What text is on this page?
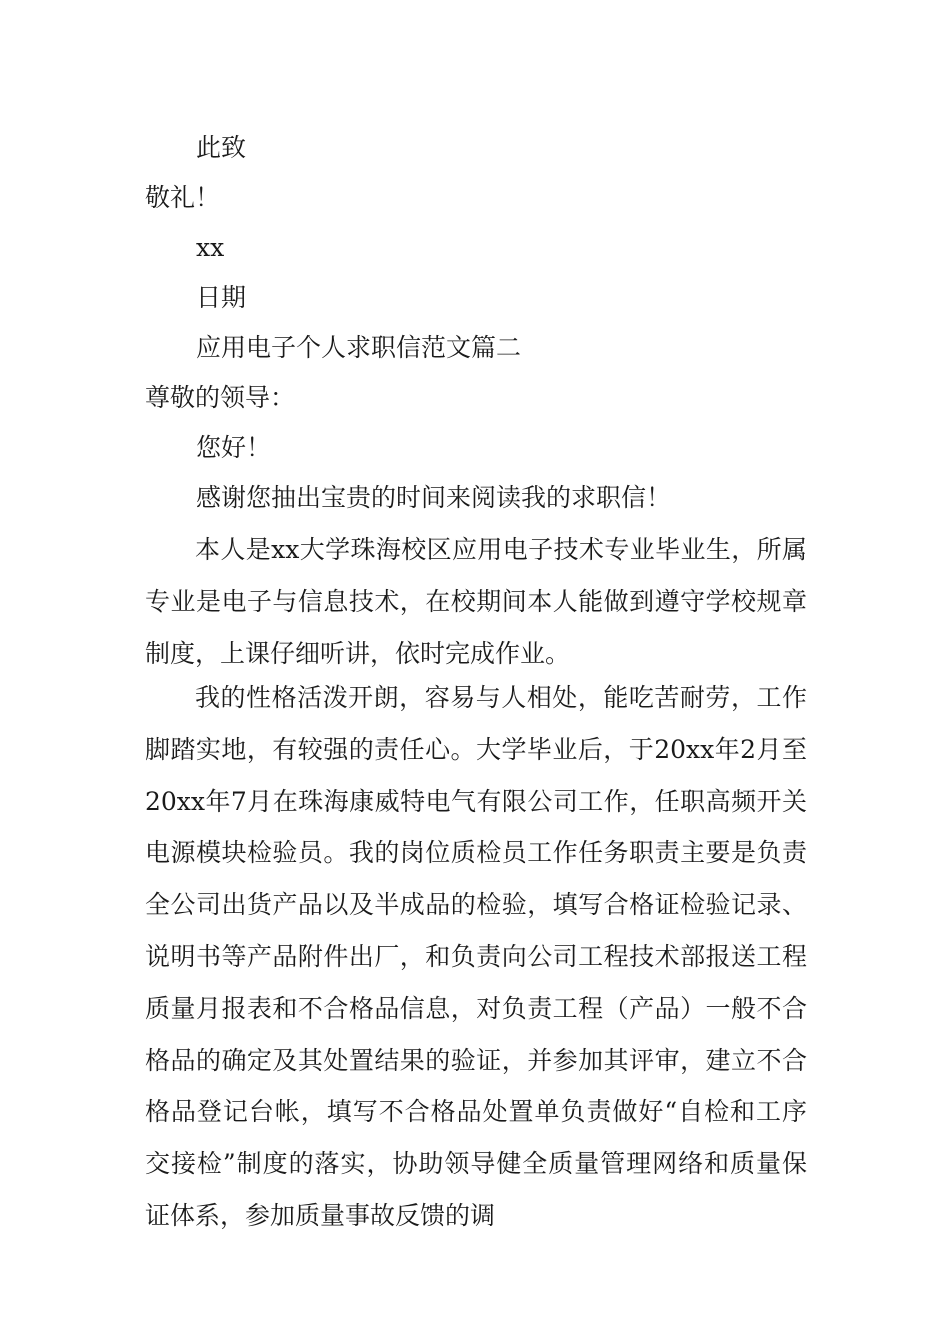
此致
敬礼！
xx
日期
应用电子个人求职信范文篇二
尊敬的领导：
您好！
感谢您抽出宝贵的时间来阅读我的求职信！
本人是xx大学珠海校区应用电子技术专业毕业生，所属专业是电子与信息技术，在校期间本人能做到遵守学校规章制度，上课仔细听讲，依时完成作业。
我的性格活泼开朗，容易与人相处，能吃苦耐劳，工作脚踏实地，有较强的责任心。大学毕业后，于20xx年2月至20xx年7月在珠海康威特电气有限公司工作，任职高频开关电源模块检验员。我的岗位质检员工作任务职责主要是负责全公司出货产品以及半成品的检验，填写合格证检验记录、说明书等产品附件出厂，和负责向公司工程技术部报送工程质量月报表和不合格品信息，对负责工程（产品）一般不合格品的确定及其处置结果的验证，并参加其评审，建立不合格品登记台帐，填写不合格品处置单负责做好“自检和工序交接检”制度的落实，协助领导健全质量管理网络和质量保证体系，参加质量事故反馈的调
